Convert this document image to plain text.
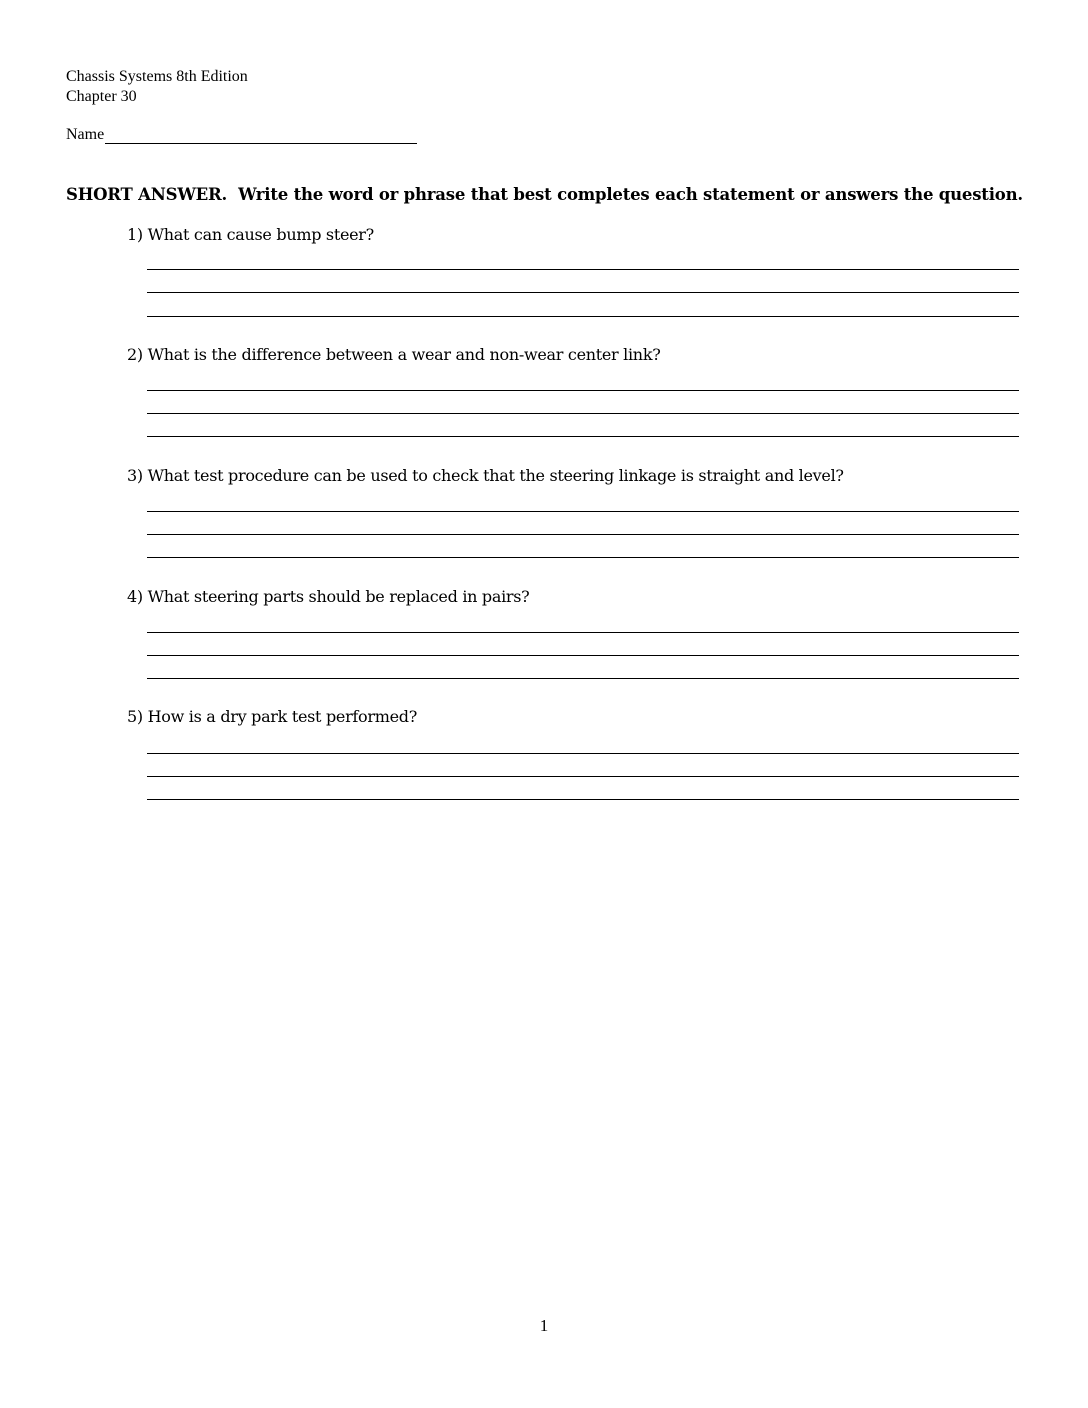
Chassis Systems 8th Edition
Chapter 30
Name
SHORT ANSWER.  Write the word or phrase that best completes each statement or answers the question.
1) What can cause bump steer?
2) What is the difference between a wear and non-wear center link?
3) What test procedure can be used to check that the steering linkage is straight and level?
4) What steering parts should be replaced in pairs?
5) How is a dry park test performed?
1
